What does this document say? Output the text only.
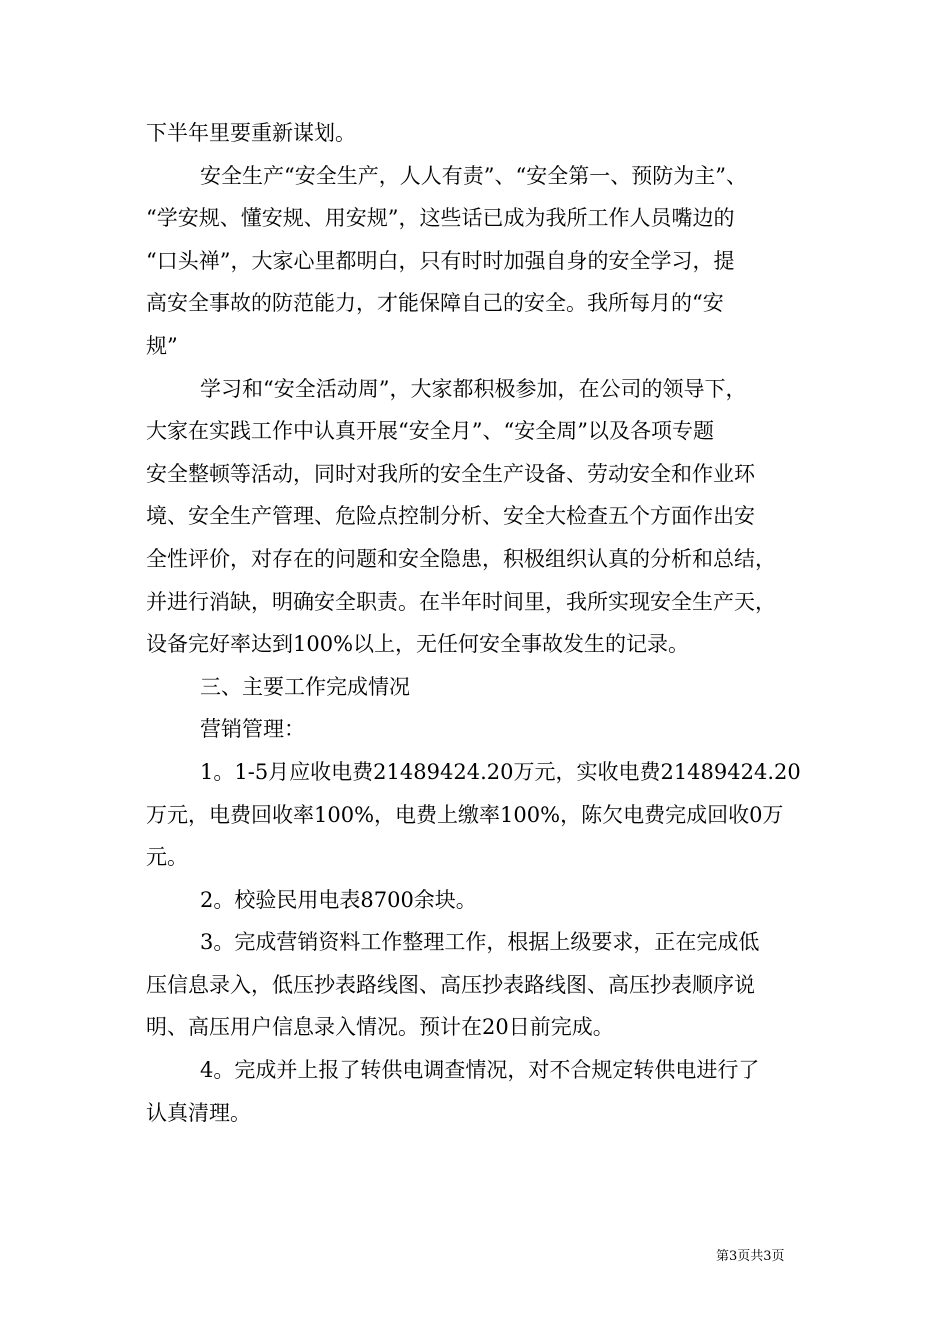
下半年里要重新谋划。
安全生产“安全生产，人人有责”、“安全第一、预防为主”、
“学安规、懂安规、用安规”，这些话已成为我所工作人员嘴边的
“口头禅”，大家心里都明白，只有时时加强自身的安全学习，提
高安全事故的防范能力，才能保障自己的安全。我所每月的“安
规”
学习和“安全活动周”，大家都积极参加，在公司的领导下，
大家在实践工作中认真开展“安全月”、“安全周”以及各项专题
安全整顿等活动，同时对我所的安全生产设备、劳动安全和作业环
境、安全生产管理、危险点控制分析、安全大检查五个方面作出安
全性评价，对存在的问题和安全隐患，积极组织认真的分析和总结，
并进行消缺，明确安全职责。在半年时间里，我所实现安全生产天，
设备完好率达到100%以上，无任何安全事故发生的记录。
三、主要工作完成情况
营销管理：
1。1-5月应收电费21489424.20万元，实收电费21489424.20
万元，电费回收率100%，电费上缴率100%，陈欠电费完成回收0万
元。
2。校验民用电表8700余块。
3。完成营销资料工作整理工作，根据上级要求，正在完成低
压信息录入，低压抄表路线图、高压抄表路线图、高压抄表顺序说
明、高压用户信息录入情况。预计在20日前完成。
4。完成并上报了转供电调查情况，对不合规定转供电进行了
认真清理。
第3页共3页
